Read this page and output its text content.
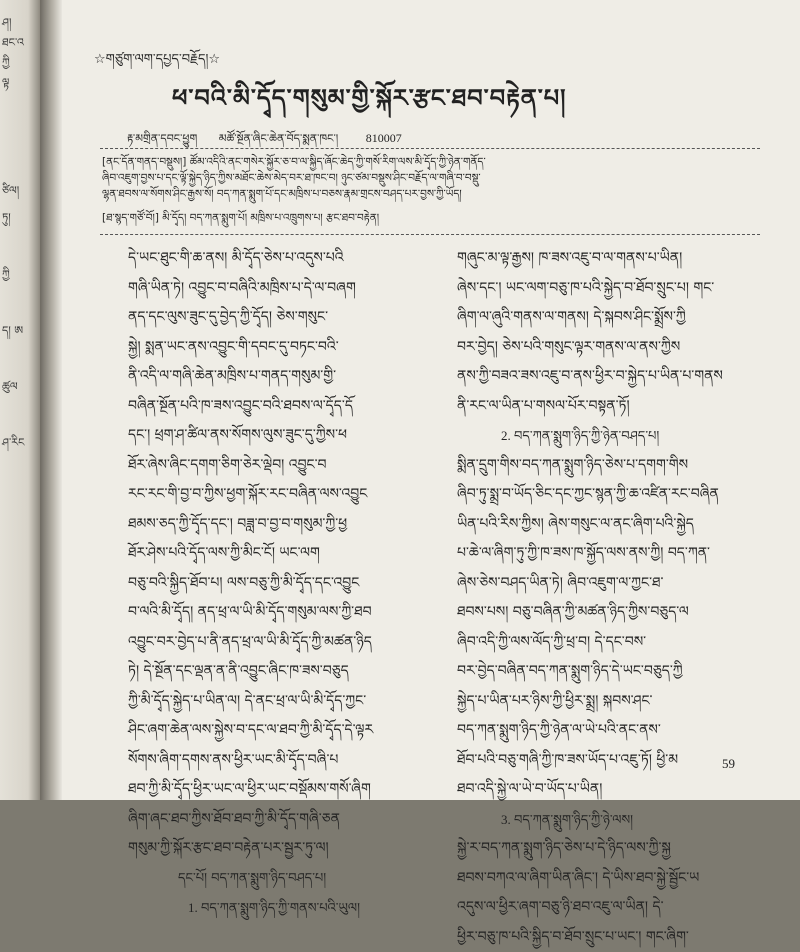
ཤ།
ཐང་འ
ཀྱི
ལྟ
ཙིལ།
ཏུ།
ཀྱི
ད། ཨ
ཚུལ
ཤ་རིང
☆གཙུག་ལག་དཔྱད་བརྗོད།☆
ཕ་བའི་མི་དྭོད་གསུམ་གྱི་སྐོར་རྩང་ཐབ་བརྟེན་པ།
རྟ་མགྲིན་དབང་ཕྱུག མཚོ་སྔོན་ཞིང་ཆེན་བོད་སྨན་ཁང་། 810007
[ནང་དོན་གནད་བསྡུས།] ཚོམ་འདིའི་ནང་གསེར་སྐྱོར་ཅ་བ་ལ་སྐྱིད་ཞོང་ཆེད་ཀྱི་གསོ་རིག་ལས་མི་དྭོད་ཀྱི་ཉེན་གནོད་
ཞིབ་འཇུག་བྱས་པ་དང་ལྟོ་སྐྱེད་ཉིད་ཀྱིས་མཐོང་ཆེས་མེད་བར་ཐ་ཁང་བ། ཉུང་ཙམ་བསྡུས་ཤིང་བརྗོད་ལ་གཞི་བ་བསྡུ་
ལྷན་ཐབས་ལ་སོགས་ཤིང་རྒྱས་སོ། བད་ཀན་སྨུག་པོ་དང་མཁྲིས་པ་བཅས་རྣམ་གྲངས་བཤད་པར་བྱས་ཀྱི་ཡོད།
[ཐ་སྙད་གཙོ་བོ།] མི་དྭོད། བད་ཀན་སྨུག་པོ། མཁྲིས་པ་འཁྲུགས་པ། རྩང་ཐབ་བརྟེན།
དེ་ཡང་ཐུང་གི་ཆ་ནས། མི་དྭོད་ཅེས་པ་འདུས་པའི
གཞི་ཡིན་ཏེ། འབྱུང་བ་བཞིའི་མཁྲིས་པ་དེ་ལ་བཞག
ནད་དང་ལུས་ཟུང་དུ་བྱེད་ཀྱི་དྭོད། ཅེས་གསུང་
སྐྱེ། སྨན་ཡང་ནས་འབྱུང་གི་དབང་དུ་བཏང་བའི་
ནི་འདི་ལ་གཞི་ཆེན་མཁྲིས་པ་གནད་གསུམ་གྱི་
བཞིན་སྔོན་པའི་ཁ་ཟས་འབྱུང་བའི་ཐབས་ལ་དྭོད་དོ
དང་། ཕྲག་ཤ་ཚིལ་ནས་སོགས་ལུས་ཟུང་དུ་ཀྱིས་ཕ
ཐོར་ཞེས་ཞིང་དགག་ཅིག་ཅེར་ལྡེབ། འབྱུང་བ
རང་རང་གི་བྱ་བ་ཀྱིས་ཕྱག་སྐོར་རང་བཞིན་ལས་འབྱུང
ཐམས་ཅད་ཀྱི་དྭོད་དང་། བཟླ་བ་བྱ་བ་གསུམ་ཀྱི་ཕྱ
ཐོར་ཤེས་པའི་དྭོད་ལས་ཀྱི་མིང་ངོ། ཡང་ལག
བཅུ་བའི་སྐྱིད་ཐོབ་པ། ལས་བཅུ་ཀྱི་མི་དྭོད་དང་འབྱུང
བ་ལའི་མི་དྭོད། ནད་ཕྲ་ལ་ཡི་མི་དྭོད་གསུམ་ལས་ཀྱི་ཐབ
འབྱུང་བར་བྱེད་པ་ནི་ནད་ཕྲ་ལ་ཡི་མི་དྭོད་ཀྱི་མཚན་ཉིད
ཏེ། དེ་སྔོན་དང་ལྡན་ན་ནི་འབྱུང་ཞིང་ཁ་ཟས་བཅུད
ཀྱི་མི་དྭོད་སྐྱེད་པ་ཡིན་ལ། དེ་ནང་ཕྲ་ལ་ཡི་མི་དྭོད་ཀྱང་
ཤིང་ཞག་ཆེན་ལས་སྐྱེས་བ་དང་ལ་ཐབ་ཀྱི་མི་དྭོད་དེ་ལྟར
སོགས་ཞིག་དགས་ནས་ཕྱིར་ཡང་མི་དྭོད་བཞི་པ
ཐབ་ཀྱི་མི་དྭོད་ཕྱིར་ཡང་ལ་ཕྱིར་ཡང་བསྡོམས་གསོ་ཞིག
ཞིག་ཞང་ཐབ་ཀྱིས་ཐོབ་ཐབ་ཀྱི་མི་དྭོད་གཞི་ཅན
གསུམ་ཀྱི་སྐོར་རྩང་ཐབ་བརྟེན་པར་སྦྱར་ཏུ་ལ།
དང་པོ། བད་ཀན་སྨུག་ཉིད་བཤད་པ།
1. བད་ཀན་སྨུག་ཉིད་ཀྱི་གནས་པའི་ཡུལ།
གཞུང་མ་ལྟ་རྒྱས། ཁ་ཟས་འཇུ་བ་ལ་གནས་པ་ཡིན།
ཞེས་དང་། ཡང་ལག་བཅུ་ཁ་པའི་སྐྱེད་བ་ཐོབ་སྲུང་པ། གང་
ཞིག་ལ་ཞུའི་གནས་ལ་གནས། དེ་སྐབས་ཤིང་སྨྲོས་ཀྱི
བར་བྱེད། ཅེས་པའི་གསུང་ལྟར་གནས་ལ་ནས་ཀྱིས
ནས་ཀྱི་བཟའ་ཟས་འཇུ་བ་ནས་ཕྱིར་བ་སྐྱེད་པ་ཡིན་པ་གནས
ནི་རང་ལ་ཡིན་པ་གསལ་པོར་བསྟན་ཏོ།
2. བད་ཀན་སྨུག་ཉིད་ཀྱི་ཉེན་བཤད་པ།
སྨིན་དྲུག་གིས་བད་ཀན་སྨུག་ཉིད་ཅེས་པ་དགག་གིས
ཞིབ་ཏུ་སྨྲ་བ་ཡོད་ཅིང་དང་ཀྱང་སྙན་ཀྱི་ཆ་འཛིན་རང་བཞིན
ཡིན་པའི་རིས་ཀྱིས། ཞེས་གསུང་ལ་ནང་ཞིག་པའི་སྐྱེད
པ་ཆེ་ལ་ཞིག་ཏུ་ཀྱི་ཁ་ཟས་ཁ་སྐྱོད་ལས་ནས་ཀྱི། བད་ཀན་
ཞེས་ཅེས་བཤད་ཡིན་ཏེ། ཞིབ་འཇུག་ལ་ཀྱང་ཐ་
ཐབས་པས། བཅུ་བཞིན་ཀྱི་མཚན་ཉིད་ཀྱིས་བཅུད་ལ
ཞིབ་འདི་ཀྱི་ལས་ལོད་ཀྱི་ཕྲ་བ། དེ་དང་བས་
བར་བྱེད་བཞིན་བད་ཀན་སྨུག་ཉིད་དེ་ཡང་བཅུད་ཀྱི
སྐྱེད་པ་ཡིན་པར་ཉིས་ཀྱི་ཕྱིར་སྨྲ། སྐབས་ཤང་
བད་ཀན་སྨུག་ཉིད་ཀྱི་ཉེན་ལ་ཡེ་པའི་ནང་ནས་
ཐོབ་པའི་བཅུ་གཞི་ཀྱི་ཁ་ཟས་ཡོད་པ་འཇུ་ཏོ། ཕྱི་མ
ཐབ་འདི་སྐྱེ་ལ་ཡེ་བ་ཡོད་པ་ཡིན།
3. བད་ཀན་སྨུག་ཉིད་ཀྱི་ཉེ་ལས།
སྐྱེ་ར་བད་ཀན་སྨུག་ཉིད་ཅེས་པ་དེ་ཉིད་ལས་ཀྱི་སྐྱ
ཐབས་བཀའ་ལ་ཞིག་ཡིན་ཞིང་། དེ་ཡིས་ཐབ་སྐྱེ་སྦྱོང་ཡ
འདུས་ལ་ཕྱིར་ཞག་བཅུ་ཉི་ཐབ་འཇུ་ལ་ཡིན། དེ་
ཕྱིར་བཅུ་ཁ་པའི་སྐྱིད་བ་ཐོབ་སྲུང་པ་ཡང་། གང་ཞིག་
59
